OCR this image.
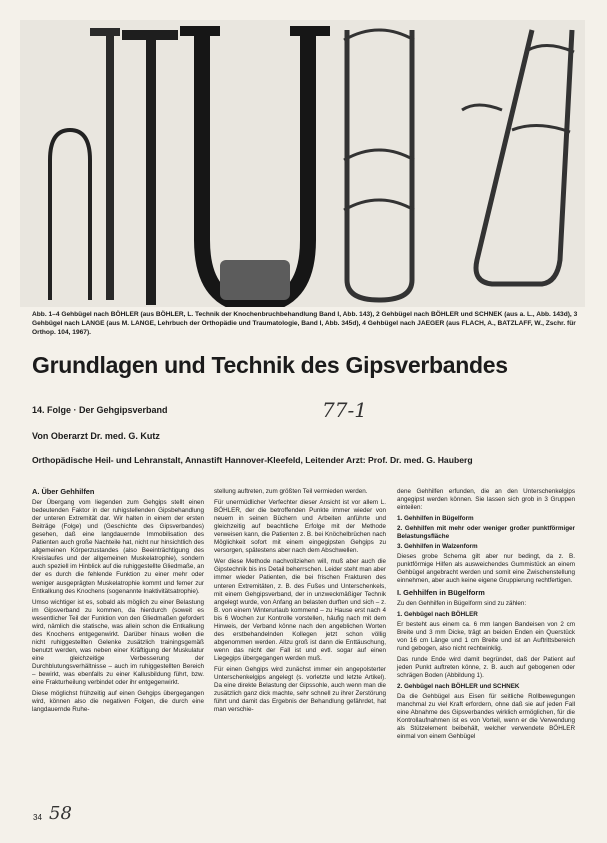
Abb. 1–4 Gehbügel nach BÖHLER (aus BÖHLER, L. Technik der Knochenbruchbehandlung Band I, Abb. 143), 2 Gehbügel nach BÖHLER und SCHNEK (aus a. L., Abb. 143d), 3 Gehbügel nach LANGE (aus M. LANGE, Lehrbuch der Orthopädie und Traumatologie, Band I, Abb. 345d), 4 Gehbügel nach JAEGER (aus FLACH, A., BATZLAFF, W., Zschr. für Orthop. 104, 1967).
Grundlagen und Technik des Gipsverbandes
14. Folge · Der Gehgipsverband	77-1
Von Oberarzt Dr. med. G. Kutz
Orthopädische Heil- und Lehranstalt, Annastift Hannover-Kleefeld, Leitender Arzt: Prof. Dr. med. G. Hauberg
A. Über Gehhilfen
Der Übergang vom liegenden zum Gehgips stellt einen bedeutenden Faktor in der ruhigstellenden Gipsbehandlung der unteren Extremität dar. Wir halten in einem der ersten Beiträge (Folge) und (Geschichte des Gipsverbandes) gesehen, daß eine langdauernde Immobilisation des Patienten auch große Nachteile hat, nicht nur hinsichtlich des allgemeinen Körperzustandes (also Beeinträchtigung des Kreislaufes und der allgemeinen Muskelatrophie), sondern auch speziell im Hinblick auf die ruhiggestellte Gliedmaße, an der es durch die fehlende Funktion zu einer mehr oder weniger ausgeprägten Muskelatrophie kommt und ferner zur Entkalkung des Knochens (sogenannte Inaktivitätsatrophie).
Umso wichtiger ist es, sobald als möglich zu einer Belastung im Gipsverband zu kommen, da hierdurch (soweit es wesentlicher Teil der Funktion von den Gliedmaßen gefordert wird, nämlich die statische, was allein schon die Entkalkung des Knochens entgegenwirkt. Darüber hinaus wollen die nicht ruhiggestellten Gelenke zusätzlich trainingsgemäß benutzt werden, was neben einer Kräftigung der Muskulatur eine gleichzeitige Verbesserung der Durchblutungsverhältnisse – auch im ruhiggestellten Bereich – bewirkt, was ebenfalls zu einer Kallusbildung führt, bzw. eine Frakturheilung verbindet oder ihr entgegenwirkt.
Diese möglichst frühzeitig auf einen Gehgips übergegangen wird, können also die negativen Folgen, die durch eine langdauernde Ruhe-
stellung auftreten, zum größten Teil vermieden werden.
Für unermüdlicher Verfechter dieser Ansicht ist vor allem L. BÖHLER, der die betroffenden Punkte immer wieder von neuem in seinen Büchern und Arbeiten anführte und gleichzeitig auf beachtliche Erfolge mit der Methode verweisen kann, die Patienten z. B. bei Knöchelbrüchen nach Möglichkeit sofort mit einem eingegipsten Gehgips zu versorgen, spätestens aber nach dem Abschwellen.
Wer diese Methode nachvollziehen will, muß aber auch die Gipstechnik bis ins Detail beherrschen. Leider steht man aber immer wieder Patienten, die bei frischen Frakturen des unteren Extremitäten, z. B. des Fußes und Unterschenkels, mit einem Gehgipsverband, der in unzweckmäßiger Technik angelegt wurde, von Anfang an belasten durften und sich – z. B. von einem Winterurlaub kommend – zu Hause erst nach 4 bis 6 Wochen zur Kontrolle vorstellen, häufig nach mit dem Hinweis, der Verband könne nach den angeblichen Worten des erstbehandelnden Kollegen jetzt schon völlig abgenommen werden. Allzu groß ist dann die Enttäuschung, wenn das nicht der Fall ist und evtl. sogar auf einen Liegegips übergegangen werden muß.
Für einen Gehgips wird zunächst immer ein angepolsterter Unterschenkelgips angelegt (s. vorletzte und letzte Artikel). Da eine direkte Belastung der Gipssohle, auch wenn man die zusätzlich ganz dick machte, sehr schnell zu ihrer Zerstörung führt und damit das Ergebnis der Behandlung gefährdet, hat man verschie-
dene Gehhilfen erfunden, die an den Unterschenkelgips angegipst werden können. Sie lassen sich grob in 3 Gruppen einteilen:
1. Gehhilfen in Bügelform
2. Gehhilfen mit mehr oder weniger großer punktförmiger Belastungsfläche
3. Gehhilfen in Walzenform
Dieses grobe Schema gilt aber nur bedingt, da z. B. punktförmige Hilfen als ausweichendes Gummistück an einem Gehbügel angebracht werden und somit eine Zwischenstellung einnehmen, aber auch keine eigene Gruppierung rechtfertigen.
I. Gehhilfen in Bügelform
Zu den Gehhilfen in Bügelform sind zu zählen:
1. Gehbügel nach BÖHLER
Er besteht aus einem ca. 6 mm langen Bandeisen von 2 cm Breite und 3 mm Dicke, trägt an beiden Enden ein Querstück von 16 cm Länge und 1 cm Breite und ist an Auftrittsbereich rund gebogen, also nicht rechtwinklig.
Das runde Ende wird damit begründet, daß der Patient auf jeden Punkt auftreten könne, z. B. auch auf gebogenen oder schrägen Boden (Abbildung 1).
2. Gehbügel nach BÖHLER und SCHNEK
Da die Gehbügel aus Eisen für seitliche Rollbewegungen manchmal zu viel Kraft erfordern, ohne daß sie auf jeden Fall eine Abnahme des Gipsverbandes wirklich ermöglichen, für die Kontrollaufnahmen ist es von Vorteil, wenn er die Verwendung als Stützelement beibehält, welcher verwendete BÖHLER einmal von einem Gehbügel
34 58
